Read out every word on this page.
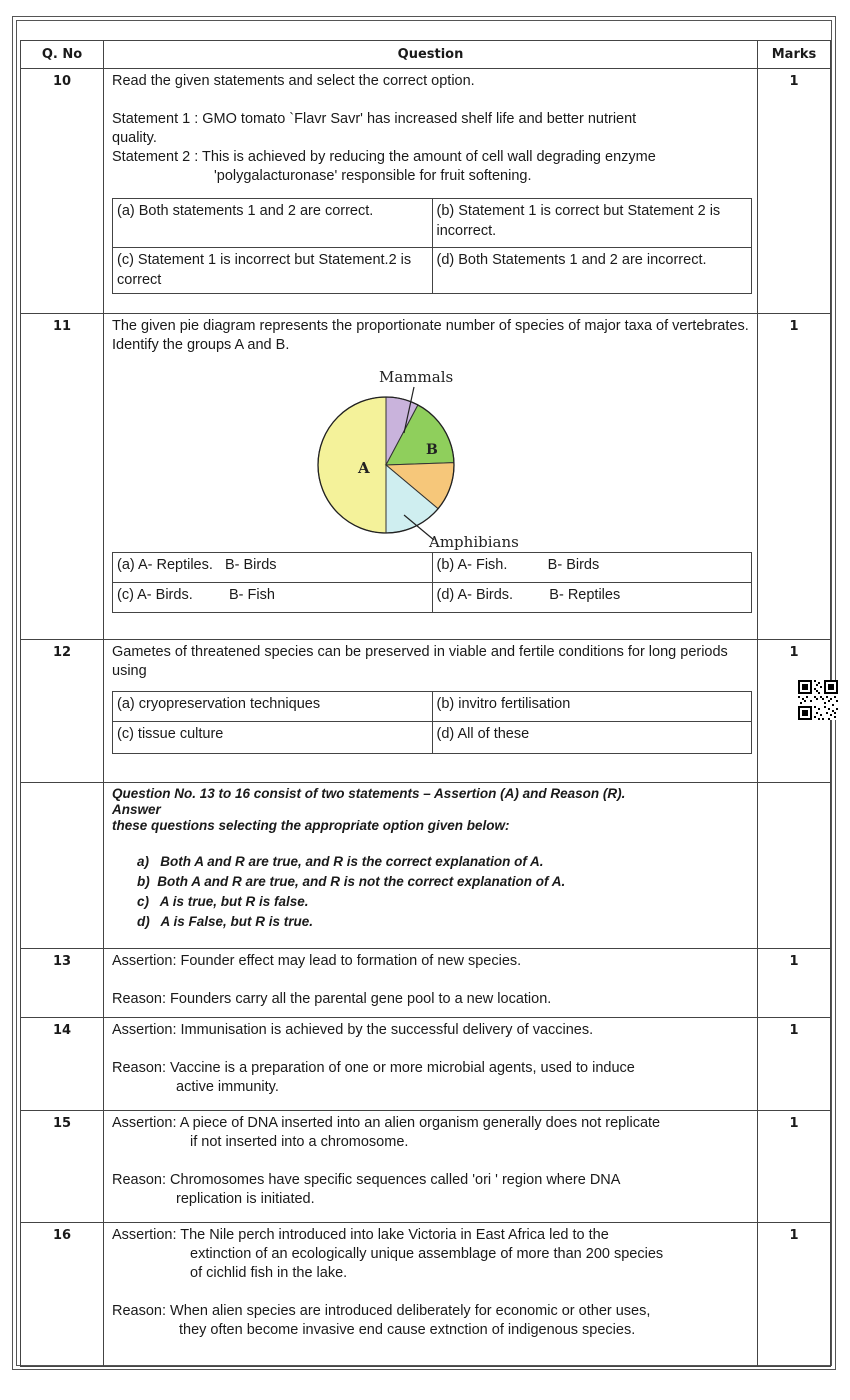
Q. No	Question	Marks
10	Read the given statements and select the correct option.

Statement 1 : GMO tomato `Flavr Savr' has increased shelf life and better nutrient

quality.

Statement 2 : This is achieved by reducing the amount of cell wall degrading enzyme

'polygalacturonase' responsible for fruit softening.

(a) Both statements 1 and 2 are correct.	(b) Statement 1 is correct but Statement 2 is incorrect.
(c) Statement 1 is incorrect but Statement.2 is correct	(d) Both Statements 1 and 2 are incorrect.
	1
11	The given pie diagram represents the proportionate number of species of major taxa of vertebrates. Identify the groups A and B.

Mammals
B
A
Amphibians
(a) A- Reptiles.   B- Birds	(b) A- Fish.          B- Birds
(c) A- Birds.         B- Fish	(d) A- Birds.         B- Reptiles
	1
12	Gametes of threatened species can be preserved in viable and fertile conditions for long periods using

(a) cryopreservation techniques	(b) invitro fertilisation
(c) tissue culture	(d) All of these
	1

Question No. 13 to 16 consist of two statements – Assertion (A) and Reason (R).

Answer

these questions selecting the appropriate option given below:

a)   Both A and R are true, and R is the correct explanation of A.
b)  Both A and R are true, and R is not the correct explanation of A.
c)   A is true, but R is false.
d)   A is False, but R is true.

13	Assertion: Founder effect may lead to formation of new species.

Reason: Founders carry all the parental gene pool to a new location.

	1
14	Assertion: Immunisation is achieved by the successful delivery of vaccines.

Reason: Vaccine is a preparation of one or more microbial agents, used to induce

active immunity.

	1
15	Assertion: A piece of DNA inserted into an alien organism generally does not replicate

if not inserted into a chromosome.

Reason: Chromosomes have specific sequences called 'ori ' region where DNA

replication is initiated.

	1
16	Assertion: The Nile perch introduced into lake Victoria in East Africa led to the

extinction of an ecologically unique assemblage of more than 200 species

of cichlid fish in the lake.

Reason: When alien species are introduced deliberately for economic or other uses,

they often become invasive end cause extnction of indigenous species.

	1
